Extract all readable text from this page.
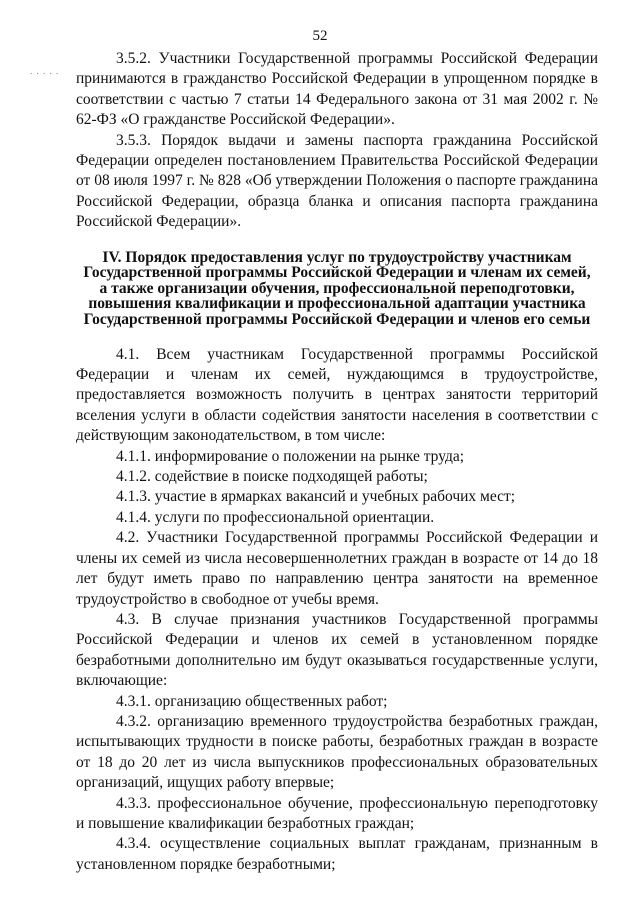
52
. . . . .

3.5.2. Участники Государственной программы Российской Федерации принимаются в гражданство Российской Федерации в упрощенном порядке в соответствии с частью 7 статьи 14 Федерального закона от 31 мая 2002 г. № 62-ФЗ «О гражданстве Российской Федерации».

3.5.3. Порядок выдачи и замены паспорта гражданина Российской Федерации определен постановлением Правительства Российской Федерации от 08 июля 1997 г. № 828 «Об утверждении Положения о паспорте гражданина Российской Федерации, образца бланка и описания паспорта гражданина Российской Федерации».

IV. Порядок предоставления услуг по трудоустройству участникам Государственной программы Российской Федерации и членам их семей, а также организации обучения, профессиональной переподготовки, повышения квалификации и профессиональной адаптации участника Государственной программы Российской Федерации и членов его семьи

4.1. Всем участникам Государственной программы Российской Федерации и членам их семей, нуждающимся в трудоустройстве, предоставляется возможность получить в центрах занятости территорий вселения услуги в области содействия занятости населения в соответствии с действующим законодательством, в том числе:

4.1.1. информирование о положении на рынке труда;

4.1.2. содействие в поиске подходящей работы;

4.1.3. участие в ярмарках вакансий и учебных рабочих мест;

4.1.4. услуги по профессиональной ориентации.

4.2. Участники Государственной программы Российской Федерации и члены их семей из числа несовершеннолетних граждан в возрасте от 14 до 18 лет будут иметь право по направлению центра занятости на временное трудоустройство в свободное от учебы время.

4.3. В случае признания участников Государственной программы Российской Федерации и членов их семей в установленном порядке безработными дополнительно им будут оказываться государственные услуги, включающие:

4.3.1. организацию общественных работ;

4.3.2. организацию временного трудоустройства безработных граждан, испытывающих трудности в поиске работы, безработных граждан в возрасте от 18 до 20 лет из числа выпускников профессиональных образовательных организаций, ищущих работу впервые;

4.3.3. профессиональное обучение, профессиональную переподготовку и повышение квалификации безработных граждан;

4.3.4. осуществление социальных выплат гражданам, признанным в установленном порядке безработными;
